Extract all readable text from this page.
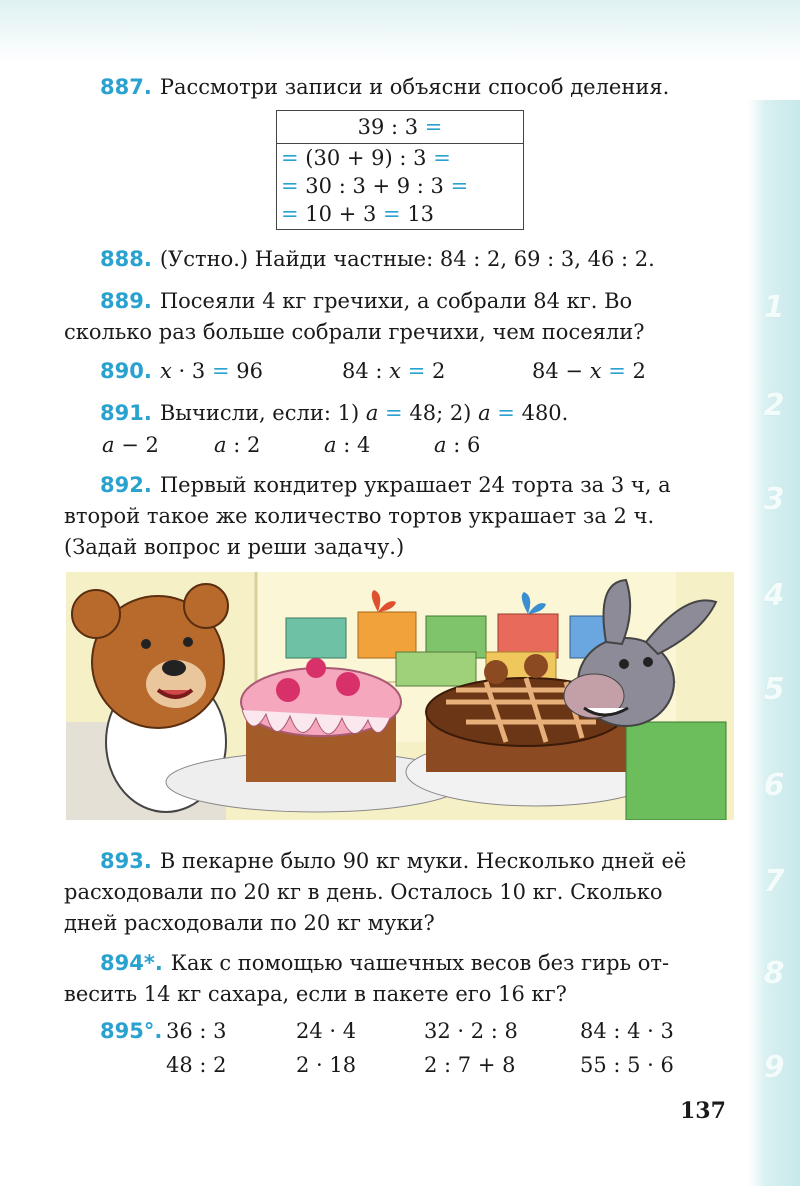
1
2
3
4
5
6
7
8
9

887. Рассмотри записи и объясни способ деления.

39 : 3 =
= (30 + 9) : 3 =
= 30 : 3 + 9 : 3 =
= 10 + 3 = 13

888. (Устно.) Найди частные: 84 : 2, 69 : 3, 46 : 2.

889. Посеяли 4 кг гречихи, а собрали 84 кг. Во

сколько раз больше собрали гречихи, чем посеяли?

890. x · 3 = 96	84 : x = 2	84 − x = 2
891. Вычисли, если: 1) a = 48; 2) a = 480.
a − 2	a : 2	a : 4	a : 6

892. Первый кондитер украшает 24 торта за 3 ч, а

второй такое же количество тортов украшает за 2 ч.

(Задай вопрос и реши задачу.)

893. В пекарне было 90 кг муки. Несколько дней её

расходовали по 20 кг в день. Осталось 10 кг. Сколько

дней расходовали по 20 кг муки?

894*. Как с помощью чашечных весов без гирь от-

весить 14 кг сахара, если в пакете его 16 кг?

895°. 36 : 3	24 · 4	32 · 2 : 8	84 : 4 · 3
48 : 2	2 · 18	2 : 7 + 8	55 : 5 · 6
137
